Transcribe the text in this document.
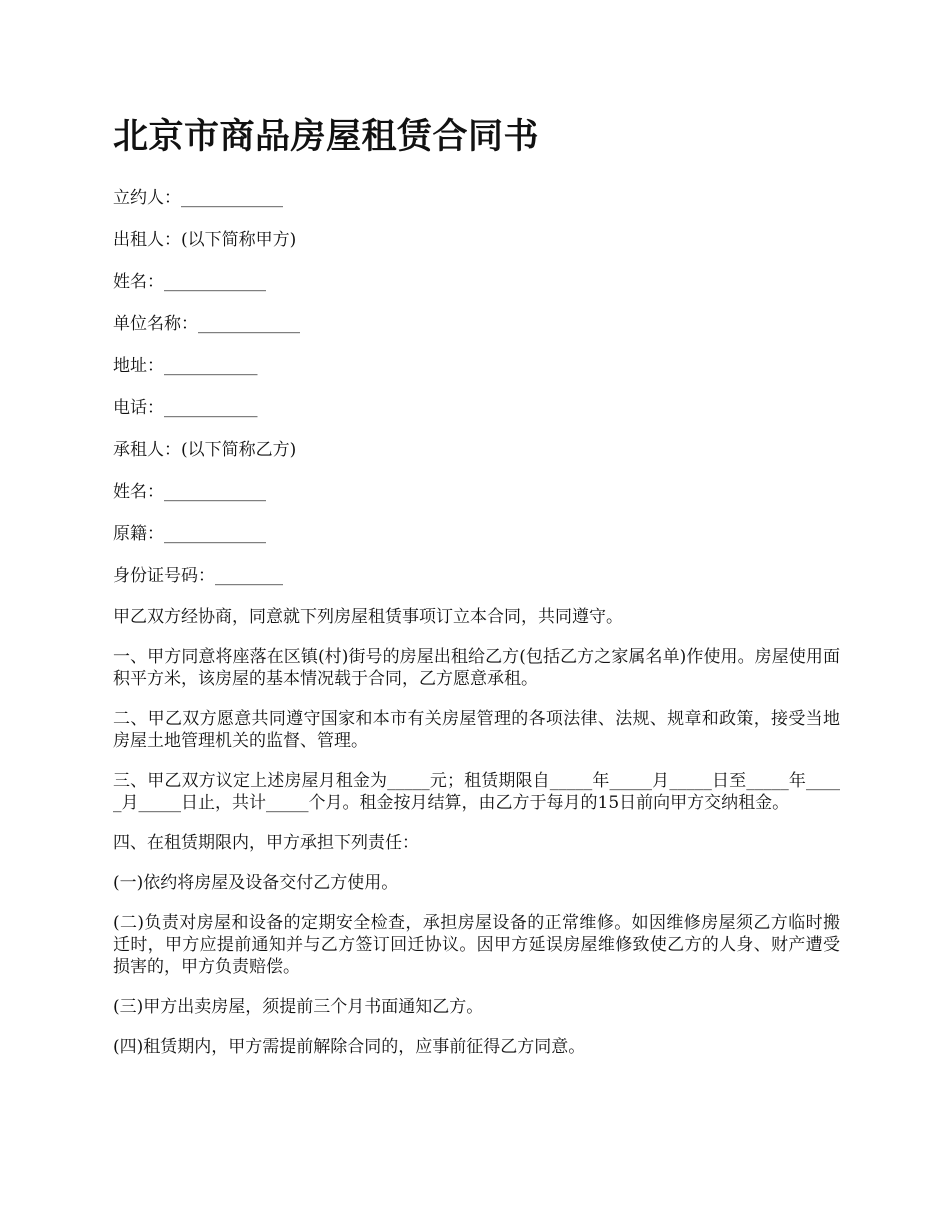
北京市商品房屋租赁合同书
立约人：____________
出租人：(以下简称甲方)
姓名：____________
单位名称：____________
地址：___________
电话：___________
承租人：(以下简称乙方)
姓名：____________
原籍：____________
身份证号码：________

甲乙双方经协商，同意就下列房屋租赁事项订立本合同，共同遵守。

一、甲方同意将座落在区镇(村)街号的房屋出租给乙方(包括乙方之家属名单)作使用。房屋使用面积平方米，该房屋的基本情况载于合同，乙方愿意承租。

二、甲乙双方愿意共同遵守国家和本市有关房屋管理的各项法律、法规、规章和政策，接受当地房屋土地管理机关的监督、管理。

三、甲乙双方议定上述房屋月租金为_____元；租赁期限自_____年_____月_____日至_____年_____月_____日止，共计_____个月。租金按月结算，由乙方于每月的15日前向甲方交纳租金。

四、在租赁期限内，甲方承担下列责任：

(一)依约将房屋及设备交付乙方使用。

(二)负责对房屋和设备的定期安全检查，承担房屋设备的正常维修。如因维修房屋须乙方临时搬迁时，甲方应提前通知并与乙方签订回迁协议。因甲方延误房屋维修致使乙方的人身、财产遭受损害的，甲方负责赔偿。

(三)甲方出卖房屋，须提前三个月书面通知乙方。

(四)租赁期内，甲方需提前解除合同的，应事前征得乙方同意。
